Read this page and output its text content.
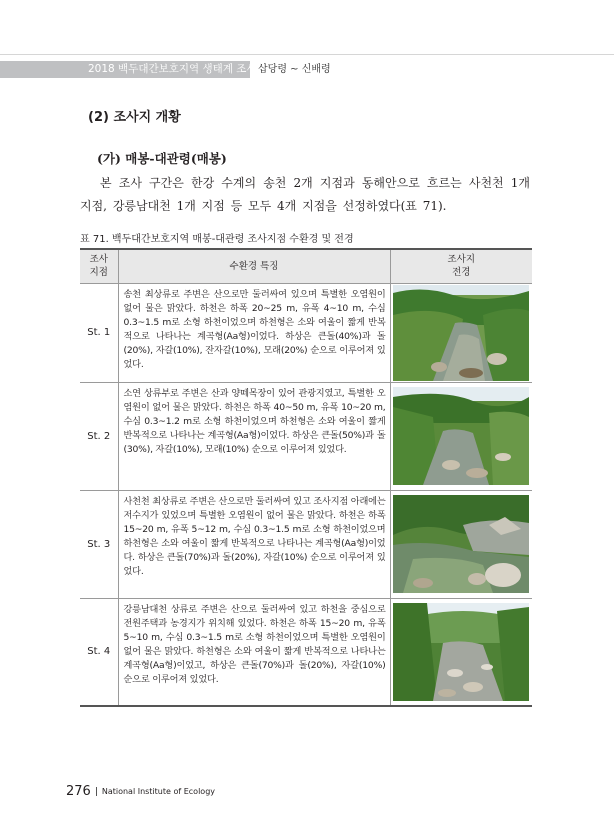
2018 백두대간보호지역 생태계 조사 삽당령 ~ 신배령
(2) 조사지 개황
(가) 매봉-대관령(매봉)

본 조사 구간은 한강 수계의 송천 2개 지점과 동해안으로 흐르는 사천천 1개 지점, 강릉남대천 1개 지점 등 모두 4개 지점을 선정하였다(표 71).

표 71. 백두대간보호지역 매봉-대관령 조사지점 수환경 및 전경
조사
지점	수환경 특징	조사지
전경
St. 1	송천 최상류로 주변은 산으로만 둘러싸여 있으며 특별한 오염원이 없어 물은 맑았다. 하천은 하폭 20~25 m, 유폭 4~10 m, 수심 0.3~1.5 m로 소형 하천이었으며 하천형은 소와 여울이 짧게 반복적으로 나타나는 계곡형(Aa형)이었다. 하상은 큰돌(40%)과 돌(20%), 자갈(10%), 잔자갈(10%), 모래(20%) 순으로 이루어져 있었다.	

St. 2	소연 상류부로 주변은 산과 양떼목장이 있어 관광지였고, 특별한 오염원이 없어 물은 맑았다. 하천은 하폭 40~50 m, 유폭 10~20 m, 수심 0.3~1.2 m로 소형 하천이었으며 하천형은 소와 여울이 짧게 반복적으로 나타나는 계곡형(Aa형)이었다. 하상은 큰돌(50%)과 돌(30%), 자갈(10%), 모래(10%) 순으로 이루어져 있었다.	

St. 3	사천천 최상류로 주변은 산으로만 둘러싸여 있고 조사지점 아래에는 저수지가 있었으며 특별한 오염원이 없어 물은 맑았다. 하천은 하폭 15~20 m, 유폭 5~12 m, 수심 0.3~1.5 m로 소형 하천이었으며 하천형은 소와 여울이 짧게 반복적으로 나타나는 계곡형(Aa형)이었다. 하상은 큰돌(70%)과 돌(20%), 자갈(10%) 순으로 이루어져 있었다.	

St. 4	강릉남대천 상류로 주변은 산으로 둘러싸여 있고 하천을 중심으로 전원주택과 농경지가 위치해 있었다. 하천은 하폭 15~20 m, 유폭 5~10 m, 수심 0.3~1.5 m로 소형 하천이었으며 특별한 오염원이 없어 물은 맑았다. 하천형은 소와 여울이 짧게 반복적으로 나타나는 계곡형(Aa형)이었고, 하상은 큰돌(70%)과 돌(20%), 자갈(10%) 순으로 이루어져 있었다.	
276 National Institute of Ecology
